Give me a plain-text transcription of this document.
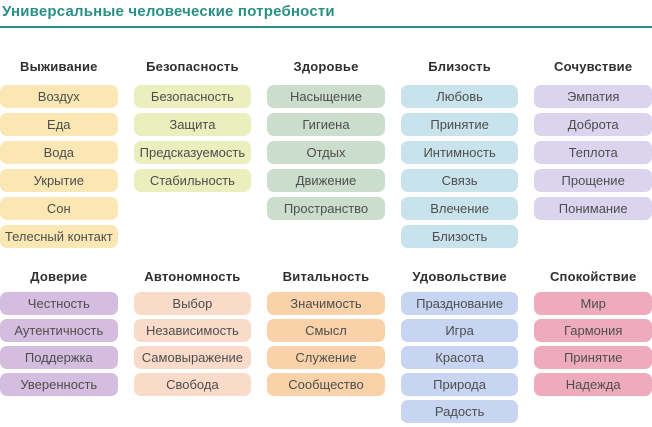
Универсальные человеческие потребности
Выживание
Воздух
Еда
Вода
Укрытие
Сон
Телесный контакт
Безопасность
Безопасность
Защита
Предсказуемость
Стабильность
Здоровье
Насыщение
Гигиена
Отдых
Движение
Пространство
Близость
Любовь
Принятие
Интимность
Связь
Влечение
Близость
Сочувствие
Эмпатия
Доброта
Теплота
Прощение
Понимание
Доверие
Честность
Аутентичность
Поддержка
Уверенность
Автономность
Выбор
Независимость
Самовыражение
Свобода
Витальность
Значимость
Смысл
Служение
Сообщество
Удовольствие
Празднование
Игра
Красота
Природа
Радость
Спокойствие
Мир
Гармония
Принятие
Надежда
